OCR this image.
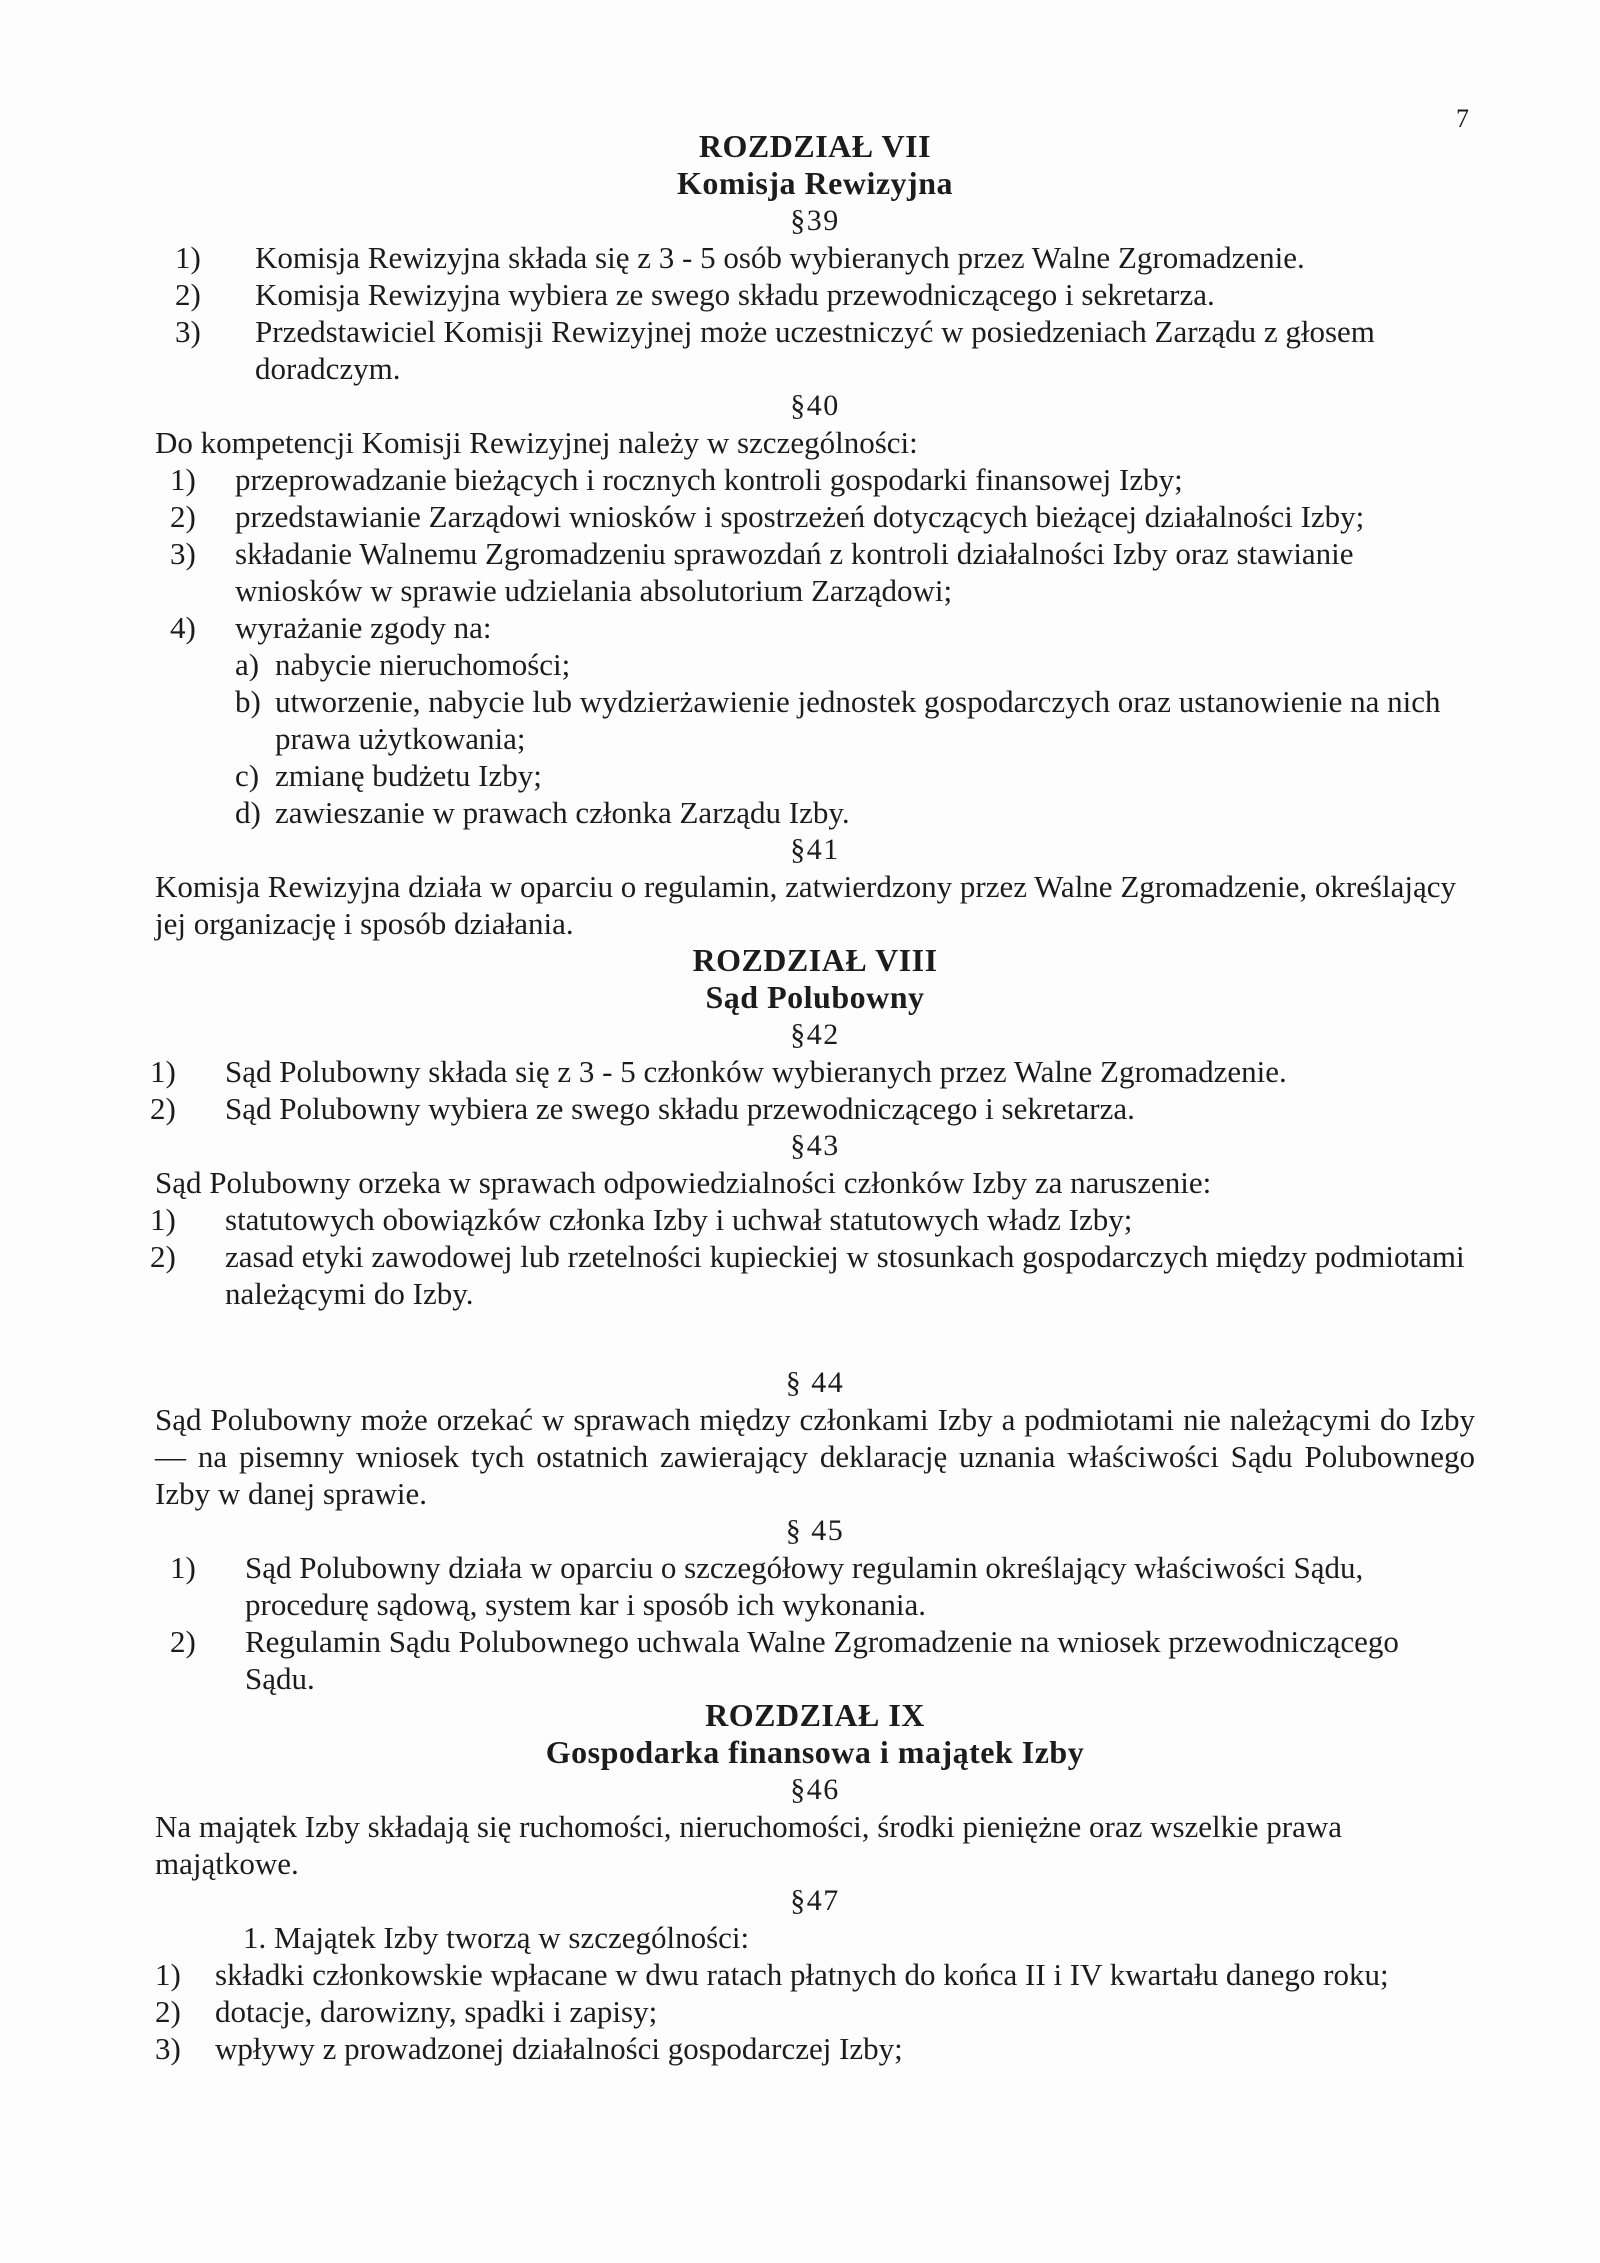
7
ROZDZIAŁ VII
Komisja Rewizyjna
§39
1) Komisja Rewizyjna składa się z 3 - 5 osób wybieranych przez Walne Zgromadzenie.
2) Komisja Rewizyjna wybiera ze swego składu przewodniczącego i sekretarza.
3) Przedstawiciel Komisji Rewizyjnej może uczestniczyć w posiedzeniach Zarządu z głosem doradczym.
§40
Do kompetencji Komisji Rewizyjnej należy w szczególności:
1) przeprowadzanie bieżących i rocznych kontroli gospodarki finansowej Izby;
2) przedstawianie Zarządowi wniosków i spostrzeżeń dotyczących bieżącej działalności Izby;
3) składanie Walnemu Zgromadzeniu sprawozdań z kontroli działalności Izby oraz stawianie wniosków w sprawie udzielania absolutorium Zarządowi;
4) wyrażanie zgody na:
a) nabycie nieruchomości;
b) utworzenie, nabycie lub wydzierżawienie jednostek gospodarczych oraz ustanowienie na nich prawa użytkowania;
c) zmianę budżetu Izby;
d) zawieszanie w prawach członka Zarządu Izby.
§41
Komisja Rewizyjna działa w oparciu o regulamin, zatwierdzony przez Walne Zgromadzenie, określający jej organizację i sposób działania.
ROZDZIAŁ VIII
Sąd Polubowny
§42
1) Sąd Polubowny składa się z 3 - 5 członków wybieranych przez Walne Zgromadzenie.
2) Sąd Polubowny wybiera ze swego składu przewodniczącego i sekretarza.
§43
Sąd Polubowny orzeka w sprawach odpowiedzialności członków Izby za naruszenie:
1) statutowych obowiązków członka Izby i uchwał statutowych władz Izby;
2) zasad etyki zawodowej lub rzetelności kupieckiej w stosunkach gospodarczych między podmiotami należącymi do Izby.
§ 44
Sąd Polubowny może orzekać w sprawach między członkami Izby a podmiotami nie należącymi do Izby — na pisemny wniosek tych ostatnich zawierający deklarację uznania właściwości Sądu Polubownego Izby w danej sprawie.
§ 45
1) Sąd Polubowny działa w oparciu o szczegółowy regulamin określający właściwości Sądu, procedurę sądową, system kar i sposób ich wykonania.
2) Regulamin Sądu Polubownego uchwala Walne Zgromadzenie na wniosek przewodniczącego Sądu.
ROZDZIAŁ IX
Gospodarka finansowa i majątek Izby
§46
Na majątek Izby składają się ruchomości, nieruchomości, środki pieniężne oraz wszelkie prawa majątkowe.
§47
1. Majątek Izby tworzą w szczególności:
1) składki członkowskie wpłacane w dwu ratach płatnych do końca II i IV kwartału danego roku;
2) dotacje, darowizny, spadki i zapisy;
3) wpływy z prowadzonej działalności gospodarczej Izby;
